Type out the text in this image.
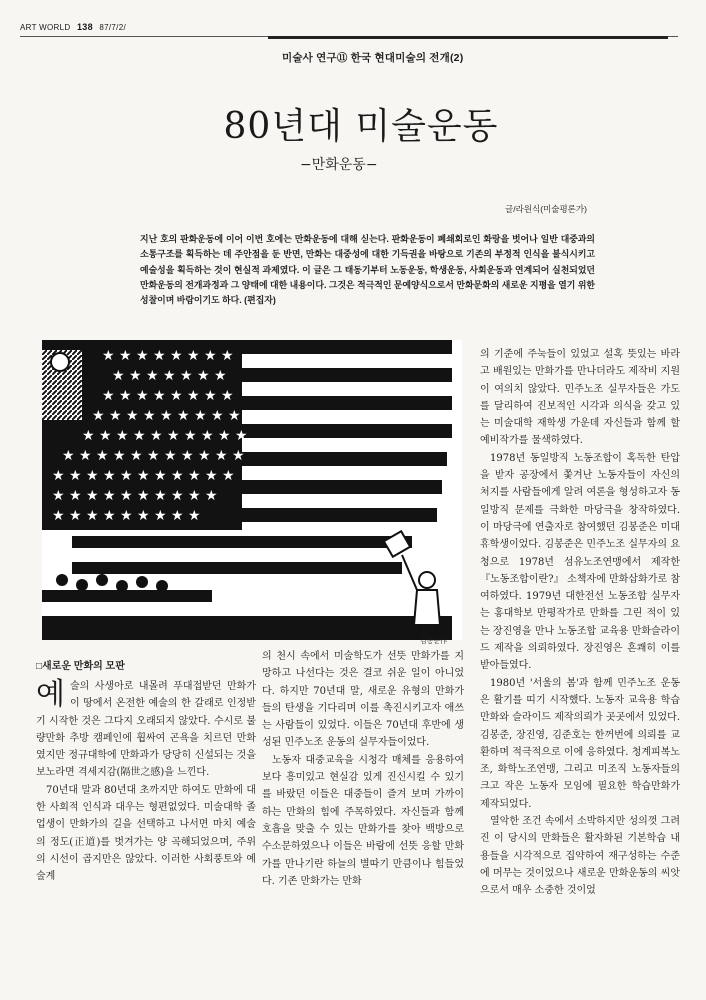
ART WORLD 138 87/7/2/
미술사 연구⑪ 한국 현대미술의 전개(2)
80년대 미술운동
−만화운동−
글/라원식(미술평론가)
지난 호의 판화운동에 이어 이번 호에는 만화운동에 대해 싣는다. 판화운동이 폐쇄회로인 화랑을 벗어나 일반 대중과의 소통구조를 획득하는 데 주안점을 둔 반면, 만화는 대중성에 대한 기득권을 바탕으로 기존의 부정적 인식을 불식시키고 예술성을 획득하는 것이 현실적 과제였다. 이 글은 그 태동기부터 노동운동, 학생운동, 사회운동과 연계되어 실천되었던 만화운동의 전개과정과 그 양태에 대한 내용이다. 그것은 적극적인 문예양식으로서 만화문화의 새로운 지평을 열기 위한 성찰이며 바람이기도 하다. (편집자)
★ ★ ★ ★ ★ ★ ★ ★
★ ★ ★ ★ ★ ★ ★
★ ★ ★ ★ ★ ★ ★ ★
★ ★ ★ ★ ★ ★ ★ ★ ★
★ ★ ★ ★ ★ ★ ★ ★ ★ ★
★ ★ ★ ★ ★ ★ ★ ★ ★ ★ ★
★ ★ ★ ★ ★ ★ ★ ★ ★ ★ ★
★ ★ ★ ★ ★ ★ ★ ★ ★ ★
★ ★ ★ ★ ★ ★ ★ ★ ★
김봉준作
□새로운 만화의 모판

예술의 사생아로 내몰려 푸대접받던 만화가 이 땅에서 온전한 예술의 한 갈래로 인정받기 시작한 것은 그다지 오래되지 않았다. 수시로 불량만화 추방 캠페인에 휩싸여 곤욕을 치르던 만화였지만 정규대학에 만화과가 당당히 신설되는 것을 보노라면 격세지감(隔世之感)을 느낀다.

70년대 말과 80년대 초까지만 하여도 만화에 대한 사회적 인식과 대우는 형편없었다. 미술대학 졸업생이 만화가의 길을 선택하고 나서면 마치 예술의 정도(正道)를 벗겨가는 양 곡해되었으며, 주위의 시선이 곱지만은 않았다. 이러한 사회풍토와 예술계

의 천시 속에서 미술학도가 선뜻 만화가를 지망하고 나선다는 것은 결코 쉬운 일이 아니었다. 하지만 70년대 말, 새로운 유형의 만화가들의 탄생을 기다리며 이를 촉진시키고자 애쓰는 사람들이 있었다. 이들은 70년대 후반에 생성된 민주노조 운동의 실무자들이었다.

노동자 대중교육을 시청각 매체를 응용하여 보다 흥미있고 현실감 있게 진신시킬 수 있기를 바랐던 이들은 대중들이 즐겨 보며 가까이 하는 만화의 힘에 주목하였다. 자신들과 함께 호흡을 맞출 수 있는 만화가를 찾아 백방으로 수소문하였으나 이들은 바람에 선뜻 응할 만화가를 만나기란 하늘의 별따기 만큼이나 힘들었다. 기존 만화가는 만화

의 기준에 주눅들이 있었고 설혹 뜻있는 바라 고 배원있는 만화가를 만나더라도 제작비 지원이 여의치 않았다. 민주노조 실무자들은 가도를 달리하여 진보적인 시각과 의식을 갖고 있는 미술대학 재학생 가운데 자신들과 함께 할 예비작가를 물색하였다.

1978년 동일방직 노동조합이 혹독한 탄압을 받자 공장에서 쫓겨난 노동자들이 자신의 처지를 사람들에게 알려 여론을 형성하고자 동일방직 문제를 극화한 마당극을 창작하였다. 이 마당극에 연출자로 참여했던 김봉준은 미대 휴학생이었다. 김봉준은 민주노조 실무자의 요청으로 1978년 섬유노조연맹에서 제작한 『노동조합이란?』 소책자에 만화삽화가로 참여하였다. 1979년 대한전선 노동조합 실무자는 홍대학보 만평작가로 만화를 그린 적이 있는 장진영을 만나 노동조합 교육용 만화슬라이드 제작을 의뢰하였다. 장진영은 흔쾌히 이를 받아들였다.

1980년 '서울의 봄'과 함께 민주노조 운동은 활기를 띠기 시작했다. 노동자 교육용 학습만화와 슬라이드 제작의뢰가 곳곳에서 있었다. 김봉준, 장진영, 김준호는 한꺼번에 의뢰를 교환하며 적극적으로 이에 응하였다. 청계피복노조, 화학노조연맹, 그리고 미조직 노동자들의 크고 작은 노동자 모임에 필요한 학습만화가 제작되었다.

열악한 조건 속에서 소박하지만 성의껏 그려진 이 당시의 만화들은 활자화된 기본학습 내용들을 시각적으로 집약하여 재구성하는 수준에 머무는 것이었으나 새로운 만화운동의 씨앗으로서 매우 소중한 것이었
